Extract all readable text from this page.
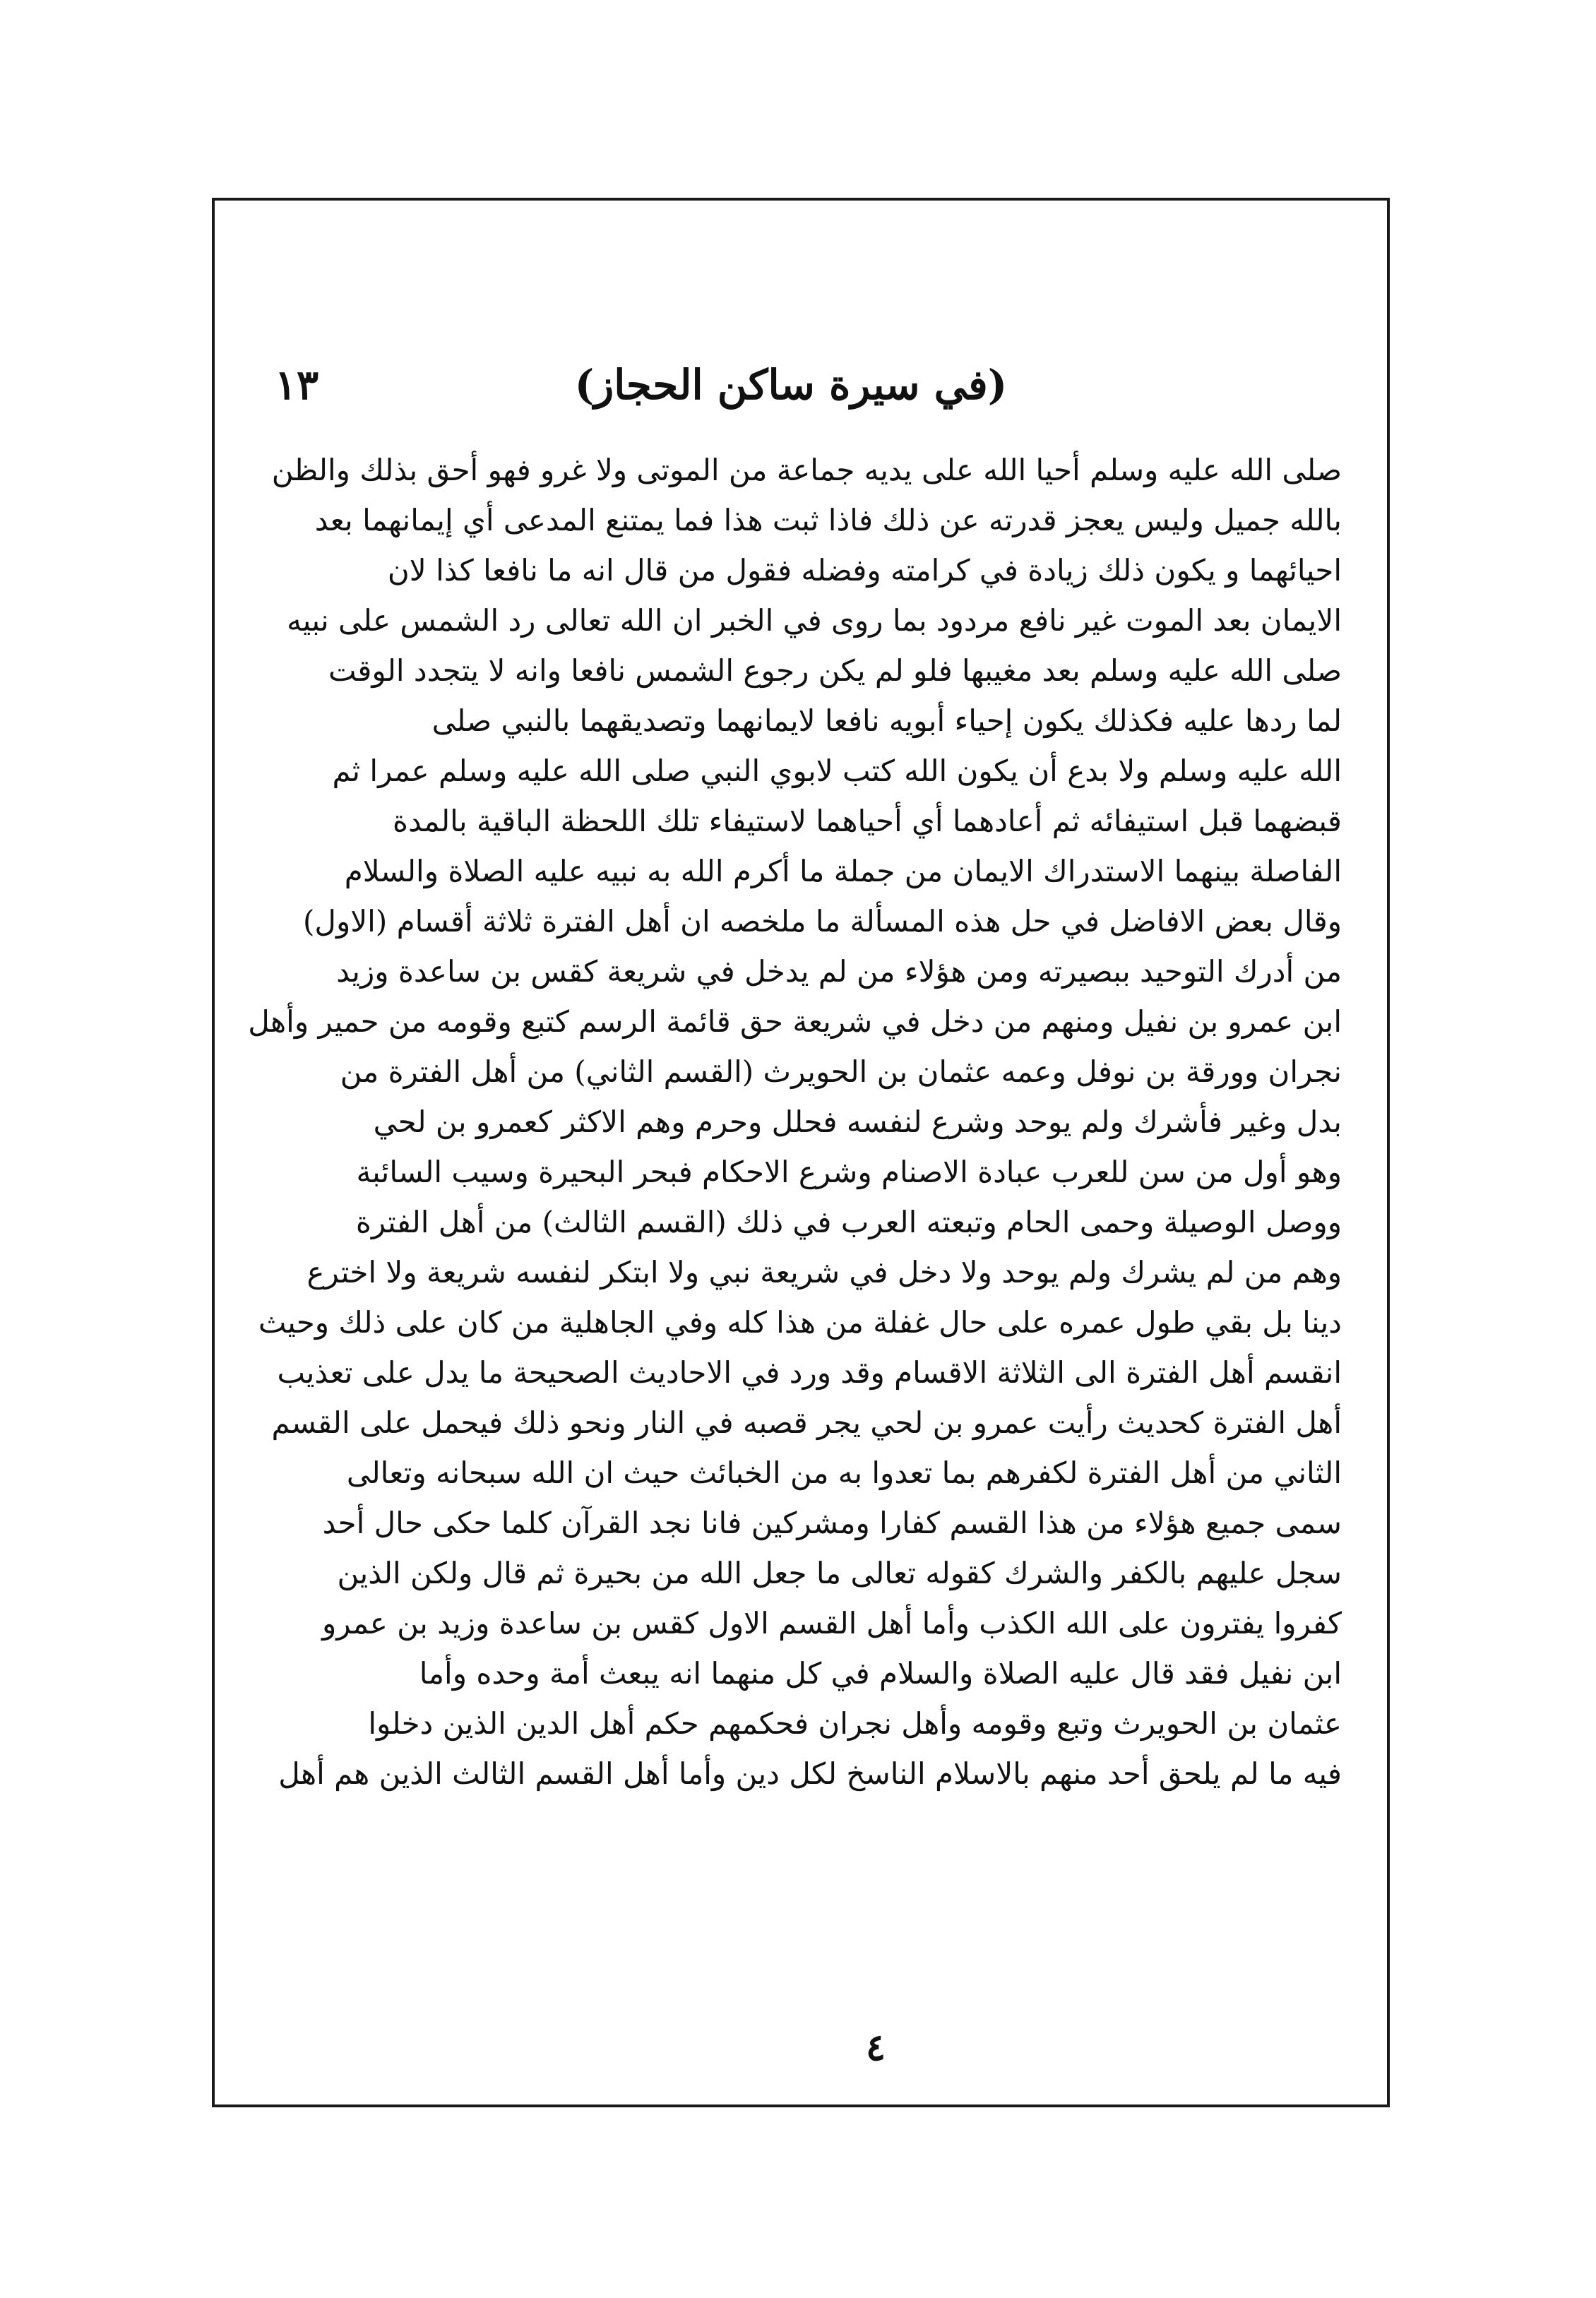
١٣	(في سيرة ساكن الحجاز)
صلى الله عليه وسلم أحيا الله على يديه جماعة من الموتى ولا غرو فهو أحق بذلك والظن
بالله جميل وليس يعجز قدرته عن ذلك فاذا ثبت هذا فما يمتنع المدعى أي إيمانهما بعد
احيائهما و يكون ذلك زيادة في كرامته وفضله فقول من قال انه ما نافعا كذا لان
الايمان بعد الموت غير نافع مردود بما روى في الخبر ان الله تعالى رد الشمس على نبيه
صلى الله عليه وسلم بعد مغيبها فلو لم يكن رجوع الشمس نافعا وانه لا يتجدد الوقت
لما ردها عليه فكذلك يكون إحياء أبويه نافعا لايمانهما وتصديقهما بالنبي صلى
الله عليه وسلم ولا بدع أن يكون الله كتب لابوي النبي صلى الله عليه وسلم عمرا ثم
قبضهما قبل استيفائه ثم أعادهما أي أحياهما لاستيفاء تلك اللحظة الباقية بالمدة
الفاصلة بينهما الاستدراك الايمان من جملة ما أكرم الله به نبيه عليه الصلاة والسلام
وقال بعض الافاضل في حل هذه المسألة ما ملخصه ان أهل الفترة ثلاثة أقسام (الاول)
من أدرك التوحيد ببصيرته ومن هؤلاء من لم يدخل في شريعة كقس بن ساعدة وزيد
ابن عمرو بن نفيل ومنهم من دخل في شريعة حق قائمة الرسم كتبع وقومه من حمير وأهل
نجران وورقة بن نوفل وعمه عثمان بن الحويرث (القسم الثاني) من أهل الفترة من
بدل وغير فأشرك ولم يوحد وشرع لنفسه فحلل وحرم وهم الاكثر كعمرو بن لحي
وهو أول من سن للعرب عبادة الاصنام وشرع الاحكام فبحر البحيرة وسيب السائبة
ووصل الوصيلة وحمى الحام وتبعته العرب في ذلك (القسم الثالث) من أهل الفترة
وهم من لم يشرك ولم يوحد ولا دخل في شريعة نبي ولا ابتكر لنفسه شريعة ولا اخترع
دينا بل بقي طول عمره على حال غفلة من هذا كله وفي الجاهلية من كان على ذلك وحيث
انقسم أهل الفترة الى الثلاثة الاقسام وقد ورد في الاحاديث الصحيحة ما يدل على تعذيب
أهل الفترة كحديث رأيت عمرو بن لحي يجر قصبه في النار ونحو ذلك فيحمل على القسم
الثاني من أهل الفترة لكفرهم بما تعدوا به من الخبائث حيث ان الله سبحانه وتعالى
سمى جميع هؤلاء من هذا القسم كفارا ومشركين فانا نجد القرآن كلما حكى حال أحد
سجل عليهم بالكفر والشرك كقوله تعالى ما جعل الله من بحيرة ثم قال ولكن الذين
كفروا يفترون على الله الكذب وأما أهل القسم الاول كقس بن ساعدة وزيد بن عمرو
ابن نفيل فقد قال عليه الصلاة والسلام في كل منهما انه يبعث أمة وحده وأما
عثمان بن الحويرث وتبع وقومه وأهل نجران فحكمهم حكم أهل الدين الذين دخلوا
فيه ما لم يلحق أحد منهم بالاسلام الناسخ لكل دين وأما أهل القسم الثالث الذين هم أهل
٤
